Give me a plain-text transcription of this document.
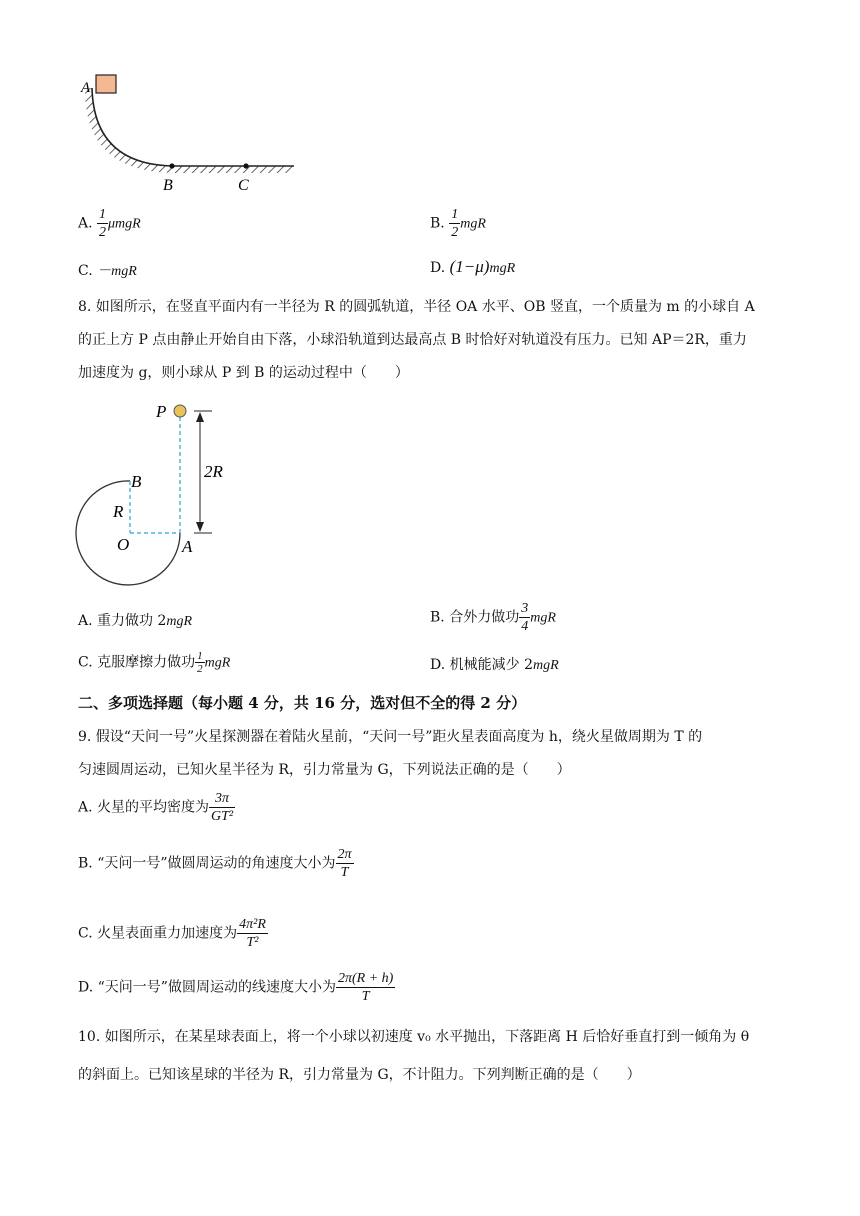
A
B	C
A. $\frac{1}{2}$ μmgR	B. $\frac{1}{2}$ mgR
C. －mgR	D. (1−μ)mgR
8. 如图所示，在竖直平面内有一半径为 R 的圆弧轨道，半径 OA 水平、OB 竖直，一个质量为 m 的小球自 A
的正上方 P 点由静止开始自由下落，小球沿轨道到达最高点 B 时恰好对轨道没有压力。已知 AP＝2R，重力
加速度为 g，则小球从 P 到 B 的运动过程中（　　）
P
2R
B
R
O	A
A. 重力做功 2mgR	B. 合外力做功 $\frac{3}{4}$ mgR
C. 克服摩擦力做功 $\frac{1}{2}$ mgR	D. 机械能减少 2mgR
二、多项选择题（每小题 4 分，共 16 分，选对但不全的得 2 分）
9. 假设“天问一号”火星探测器在着陆火星前，“天问一号”距火星表面高度为 h，绕火星做周期为 T 的
匀速圆周运动，已知火星半径为 R，引力常量为 G，下列说法正确的是（　　）
A. 火星的平均密度为 $\frac{3\pi}{\text{GT²}}$
B. “天问一号”做圆周运动的角速度大小为 $\frac{2\pi}{T}$
C. 火星表面重力加速度为 $\frac{\text{4π²R}}{\text{T²}}$
D. “天问一号”做圆周运动的线速度大小为 $\frac{2\pi(R + h)}{T}$
10. 如图所示，在某星球表面上，将一个小球以初速度 v₀ 水平抛出，下落距离 H 后恰好垂直打到一倾角为 θ
的斜面上。已知该星球的半径为 R，引力常量为 G，不计阻力。下列判断正确的是（　　）
